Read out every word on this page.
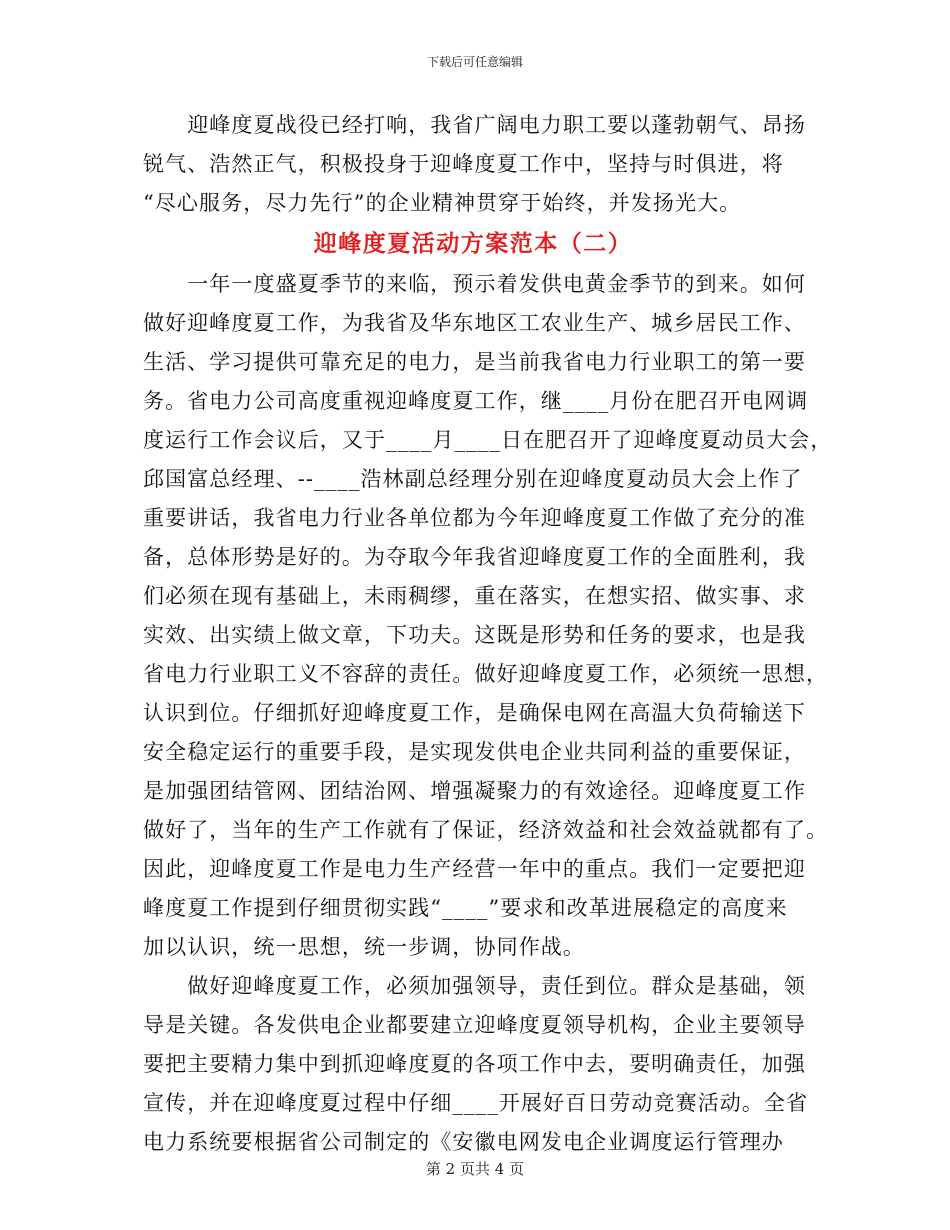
下载后可任意编辑
　　迎峰度夏战役已经打响，我省广阔电力职工要以蓬勃朝气、昂扬
锐气、浩然正气，积极投身于迎峰度夏工作中，坚持与时俱进，将
“尽心服务，尽力先行”的企业精神贯穿于始终，并发扬光大。
迎峰度夏活动方案范本（二）
　　一年一度盛夏季节的来临，预示着发供电黄金季节的到来。如何
做好迎峰度夏工作，为我省及华东地区工农业生产、城乡居民工作、
生活、学习提供可靠充足的电力，是当前我省电力行业职工的第一要
务。省电力公司高度重视迎峰度夏工作，继____月份在肥召开电网调
度运行工作会议后，又于____月____日在肥召开了迎峰度夏动员大会，
邱国富总经理、--____浩林副总经理分别在迎峰度夏动员大会上作了
重要讲话，我省电力行业各单位都为今年迎峰度夏工作做了充分的准
备，总体形势是好的。为夺取今年我省迎峰度夏工作的全面胜利，我
们必须在现有基础上，未雨稠缪，重在落实，在想实招、做实事、求
实效、出实绩上做文章，下功夫。这既是形势和任务的要求，也是我
省电力行业职工义不容辞的责任。做好迎峰度夏工作，必须统一思想，
认识到位。仔细抓好迎峰度夏工作，是确保电网在高温大负荷输送下
安全稳定运行的重要手段，是实现发供电企业共同利益的重要保证，
是加强团结管网、团结治网、增强凝聚力的有效途径。迎峰度夏工作
做好了，当年的生产工作就有了保证，经济效益和社会效益就都有了。
因此，迎峰度夏工作是电力生产经营一年中的重点。我们一定要把迎
峰度夏工作提到仔细贯彻实践“____”要求和改革进展稳定的高度来
加以认识，统一思想，统一步调，协同作战。
　　做好迎峰度夏工作，必须加强领导，责任到位。群众是基础，领
导是关键。各发供电企业都要建立迎峰度夏领导机构，企业主要领导
要把主要精力集中到抓迎峰度夏的各项工作中去，要明确责任，加强
宣传，并在迎峰度夏过程中仔细____开展好百日劳动竞赛活动。全省
电力系统要根据省公司制定的《安徽电网发电企业调度运行管理办
第 2 页共 4 页
